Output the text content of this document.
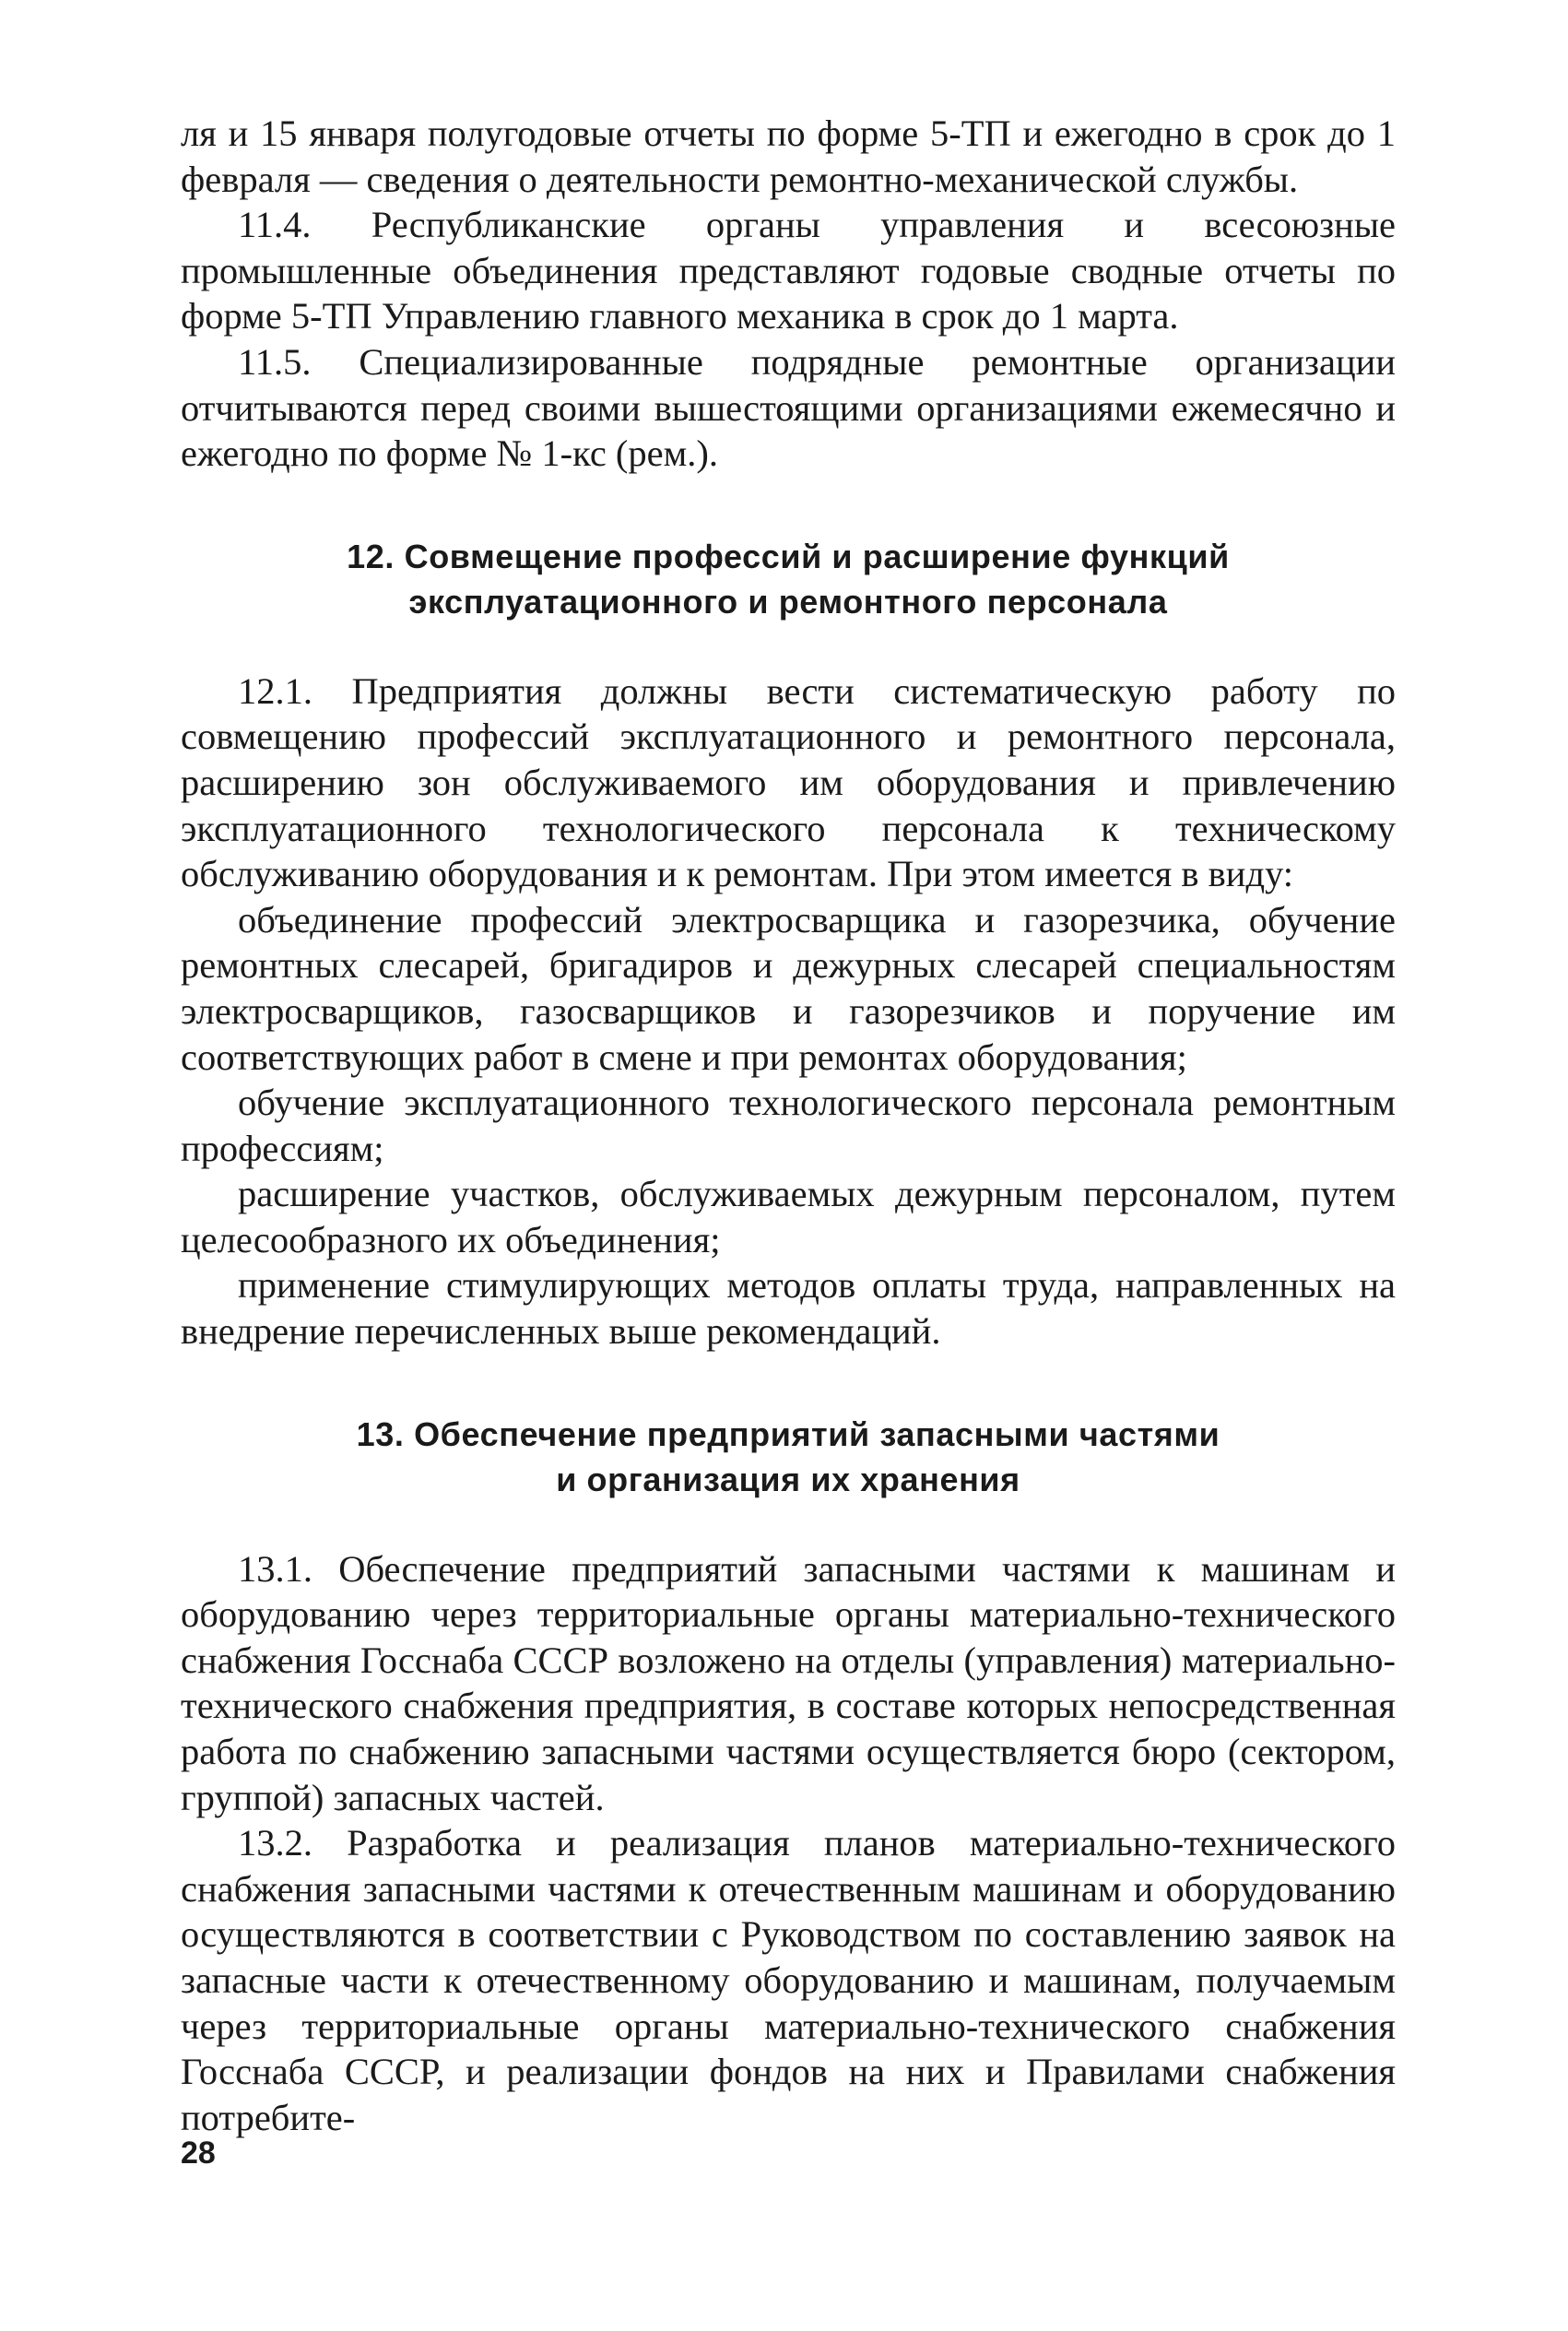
ля и 15 января полугодовые отчеты по форме 5-ТП и ежегодно в срок до 1 февраля — сведения о деятельности ремонтно-механической службы.

11.4. Республиканские органы управления и всесоюзные промышленные объединения представляют годовые сводные отчеты по форме 5-ТП Управлению главного механика в срок до 1 марта.

11.5. Специализированные подрядные ремонтные организации отчитываются перед своими вышестоящими организациями ежемесячно и ежегодно по форме № 1-кс (рем.).

12. Совмещение профессий и расширение функций

эксплуатационного и ремонтного персонала

12.1. Предприятия должны вести систематическую работу по совмещению профессий эксплуатационного и ремонтного персонала, расширению зон обслуживаемого им оборудования и привлечению эксплуатационного технологического персонала к техническому обслуживанию оборудования и к ремонтам. При этом имеется в виду:

объединение профессий электросварщика и газорезчика, обучение ремонтных слесарей, бригадиров и дежурных слесарей специальностям электросварщиков, газосварщиков и газорезчиков и поручение им соответствующих работ в смене и при ремонтах оборудования;

обучение эксплуатационного технологического персонала ремонтным профессиям;

расширение участков, обслуживаемых дежурным персоналом, путем целесообразного их объединения;

применение стимулирующих методов оплаты труда, направленных на внедрение перечисленных выше рекомендаций.

13. Обеспечение предприятий запасными частями

и организация их хранения

13.1. Обеспечение предприятий запасными частями к машинам и оборудованию через территориальные органы материально-технического снабжения Госснаба СССР возложено на отделы (управления) материально-технического снабжения предприятия, в составе которых непосредственная работа по снабжению запасными частями осуществляется бюро (сектором, группой) запасных частей.

13.2. Разработка и реализация планов материально-технического снабжения запасными частями к отечественным машинам и оборудованию осуществляются в соответствии с Руководством по составлению заявок на запасные части к отечественному оборудованию и машинам, получаемым через территориальные органы материально-технического снабжения Госснаба СССР, и реализации фондов на них и Правилами снабжения потребите-

28
